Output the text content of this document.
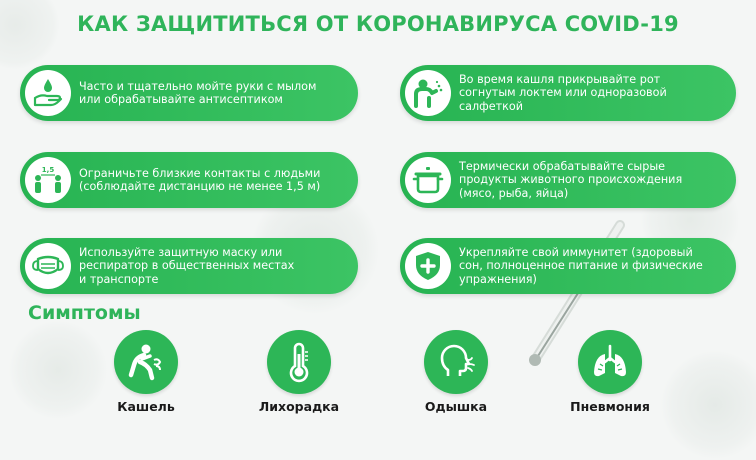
КАК ЗАЩИТИТЬСЯ ОТ КОРОНАВИРУСА COVID-19
Часто и тщательно мойте руки с мылом
или обрабатывайте антисептиком
Во время кашля прикрывайте рот
согнутым локтем или одноразовой
салфеткой
1,5 Ограничьте близкие контакты с людьми
(соблюдайте дистанцию не менее 1,5 м)
Термически обрабатывайте сырые
продукты животного происхождения
(мясо, рыба, яйца)
Используйте защитную маску или
респиратор в общественных местах
и транспорте
Укрепляйте свой иммунитет (здоровый
сон, полноценное питание и физические
упражнения)
Симптомы
Кашель	Лихорадка	Одышка	Пневмония
